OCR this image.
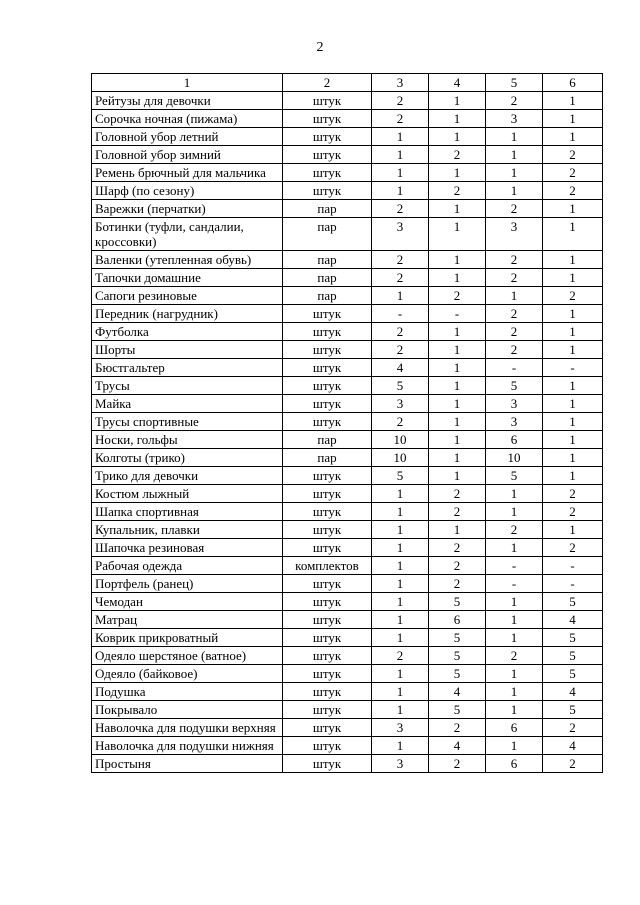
2
1	2	3	4	5	6
Рейтузы для девочки	штук	2	1	2	1
Сорочка ночная (пижама)	штук	2	1	3	1
Головной убор летний	штук	1	1	1	1
Головной убор зимний	штук	1	2	1	2
Ремень брючный для мальчика	штук	1	1	1	2
Шарф (по сезону)	штук	1	2	1	2
Варежки (перчатки)	пар	2	1	2	1
Ботинки (туфли, сандалии, кроссовки)	пар	3	1	3	1
Валенки (утепленная обувь)	пар	2	1	2	1
Тапочки домашние	пар	2	1	2	1
Сапоги резиновые	пар	1	2	1	2
Передник (нагрудник)	штук	-	-	2	1
Футболка	штук	2	1	2	1
Шорты	штук	2	1	2	1
Бюстгальтер	штук	4	1	-	-
Трусы	штук	5	1	5	1
Майка	штук	3	1	3	1
Трусы спортивные	штук	2	1	3	1
Носки, гольфы	пар	10	1	6	1
Колготы (трико)	пар	10	1	10	1
Трико для девочки	штук	5	1	5	1
Костюм лыжный	штук	1	2	1	2
Шапка спортивная	штук	1	2	1	2
Купальник, плавки	штук	1	1	2	1
Шапочка резиновая	штук	1	2	1	2
Рабочая одежда	комплектов	1	2	-	-
Портфель (ранец)	штук	1	2	-	-
Чемодан	штук	1	5	1	5
Матрац	штук	1	6	1	4
Коврик прикроватный	штук	1	5	1	5
Одеяло шерстяное (ватное)	штук	2	5	2	5
Одеяло (байковое)	штук	1	5	1	5
Подушка	штук	1	4	1	4
Покрывало	штук	1	5	1	5
Наволочка для подушки верхняя	штук	3	2	6	2
Наволочка для подушки нижняя	штук	1	4	1	4
Простыня	штук	3	2	6	2
